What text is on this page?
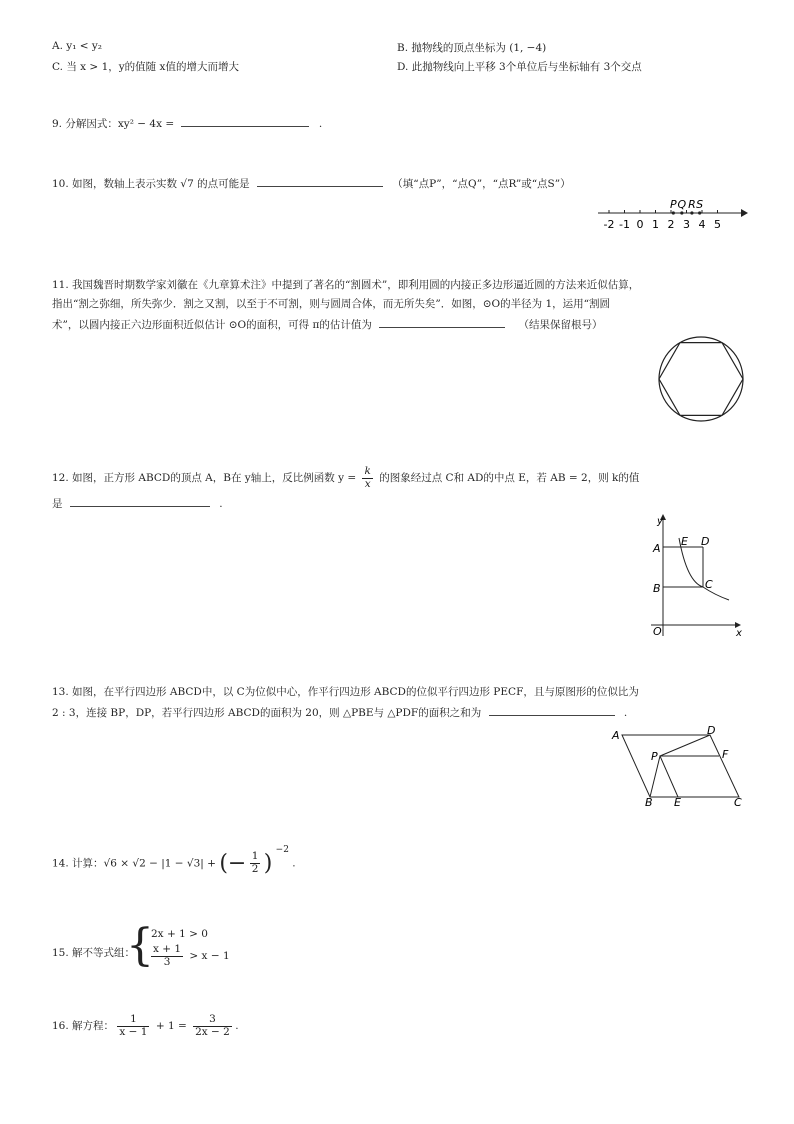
A. y₁ < y₂	B. 抛物线的顶点坐标为 (1, −4)
C. 当 x > 1，y的值随 x值的增大而增大	D. 此抛物线向上平移 3个单位后与坐标轴有 3个交点
9. 分解因式：xy² − 4x =	.
10. 如图，数轴上表示实数 √7 的点可能是	（填“点P”，“点Q”，“点R”或“点S”）
-2 -1 0 1 2 3 4 5
P Q R S
11. 我国魏晋时期数学家刘徽在《九章算术注》中提到了著名的“割圆术”，即利用圆的内接正多边形逼近圆的方法来近似估算，
指出“割之弥细，所失弥少．割之又割，以至于不可割，则与圆周合体，而无所失矣”．如图，⊙O的半径为 1，运用“割圆
术”，以圆内接正六边形面积近似估计 ⊙O的面积，可得 π的估计值为	（结果保留根号）
12. 如图，正方形 ABCD的顶点 A，B在 y轴上，反比例函数 $y = \frac{k}{x}$ 的图象经过点 C和 AD的中点 E，若 AB = 2，则 k的值
是	.
y
x
O
A
B	C
D
E
13. 如图，在平行四边形 ABCD中，以 C为位似中心，作平行四边形 ABCD的位似平行四边形 PECF，且与原图形的位似比为
2 : 3，连接 BP，DP，若平行四边形 ABCD的面积为 20，则 △PBE与 △PDF的面积之和为	.
A
B	C
D
E
F
P
14. 计算：√6 × √2 − |1 − √3| + (− $\frac{1}{2}$ ) $^{-2}$ .
15. 解不等式组：
{
2x + 1 > 0
$\frac{x + 1}{3} > x - 1$
16. 解方程： $\frac{1}{x - 1} + 1 = \frac{3}{2x - 2}$ .
